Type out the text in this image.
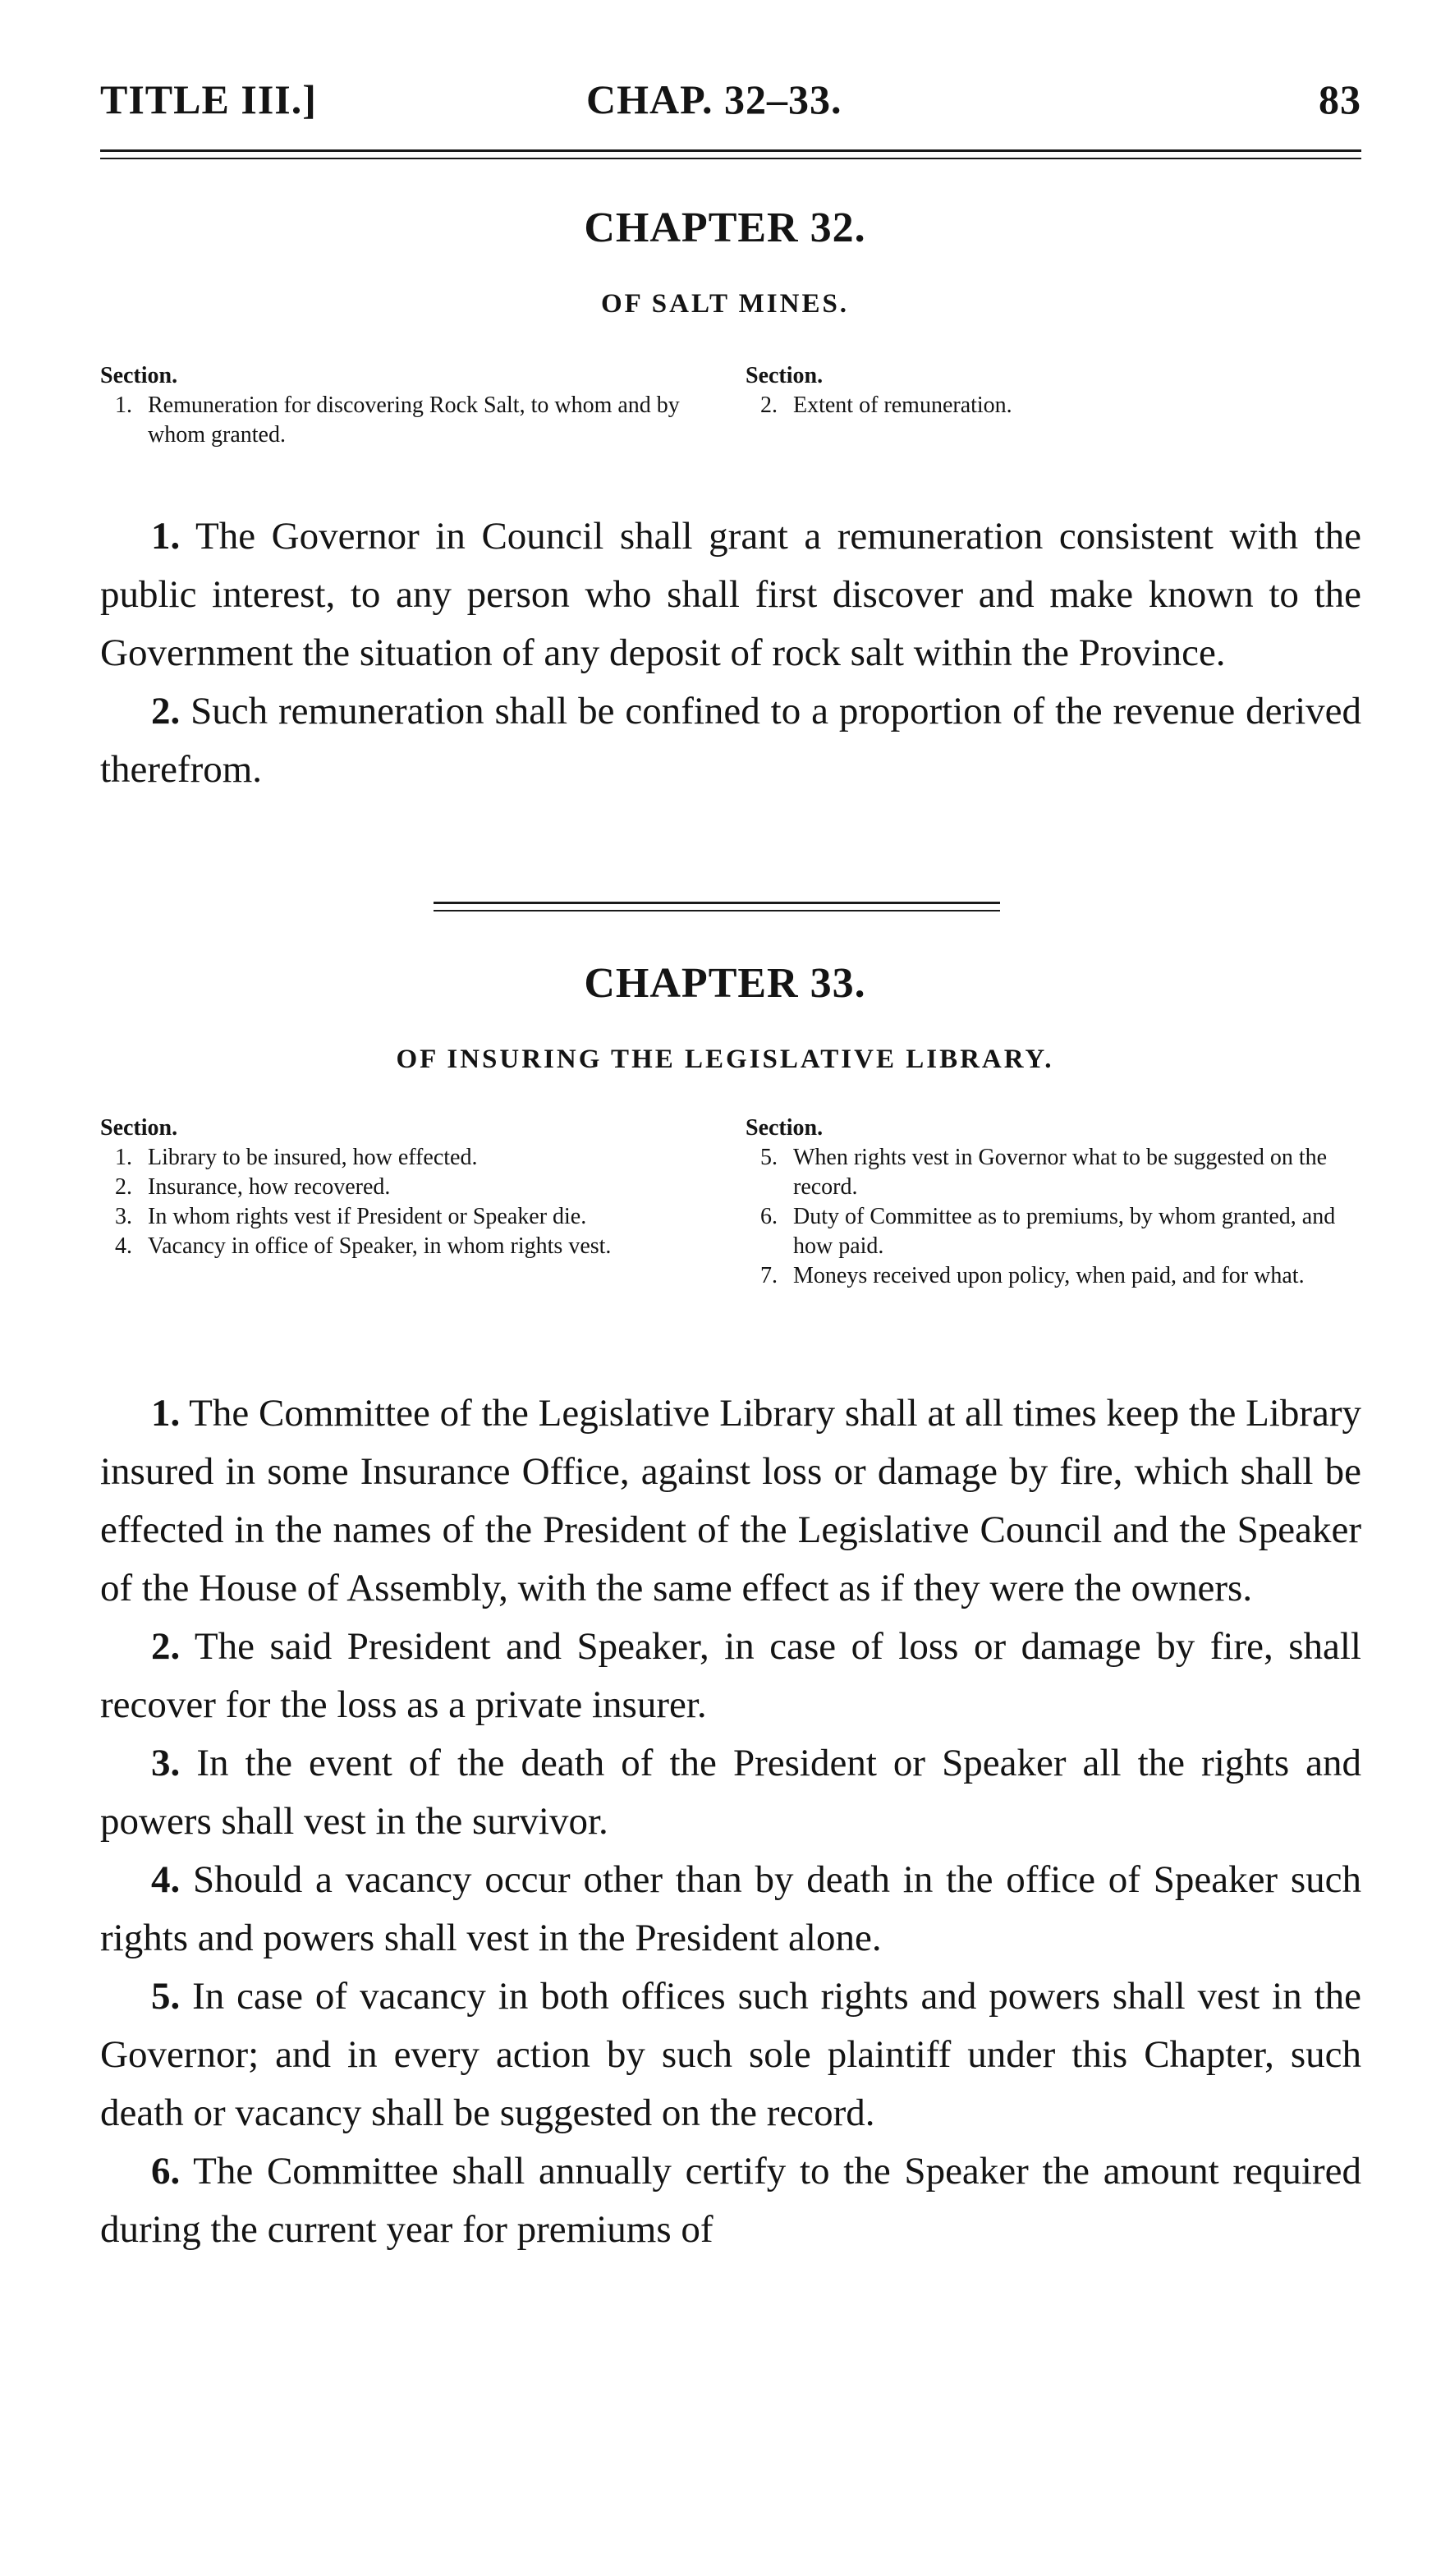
TITLE III.]	CHAP. 32–33.	83
CHAPTER 32.
OF SALT MINES.
Section.
1. Remuneration for discovering Rock Salt, to whom and by whom granted.
Section.
2. Extent of remuneration.

1. The Governor in Council shall grant a remuneration consistent with the public interest, to any person who shall first discover and make known to the Government the situation of any deposit of rock salt within the Province.

2. Such remuneration shall be confined to a proportion of the revenue derived therefrom.

CHAPTER 33.
OF INSURING THE LEGISLATIVE LIBRARY.
Section.
1. Library to be insured, how effected.
2. Insurance, how recovered.
3. In whom rights vest if President or Speaker die.
4. Vacancy in office of Speaker, in whom rights vest.
Section.
5. When rights vest in Governor what to be suggested on the record.
6. Duty of Committee as to premiums, by whom granted, and how paid.
7. Moneys received upon policy, when paid, and for what.

1. The Committee of the Legislative Library shall at all times keep the Library insured in some Insurance Office, against loss or damage by fire, which shall be effected in the names of the President of the Legislative Council and the Speaker of the House of Assembly, with the same effect as if they were the owners.

2. The said President and Speaker, in case of loss or damage by fire, shall recover for the loss as a private insurer.

3. In the event of the death of the President or Speaker all the rights and powers shall vest in the survivor.

4. Should a vacancy occur other than by death in the office of Speaker such rights and powers shall vest in the President alone.

5. In case of vacancy in both offices such rights and powers shall vest in the Governor; and in every action by such sole plaintiff under this Chapter, such death or vacancy shall be suggested on the record.

6. The Committee shall annually certify to the Speaker the amount required during the current year for premiums of
